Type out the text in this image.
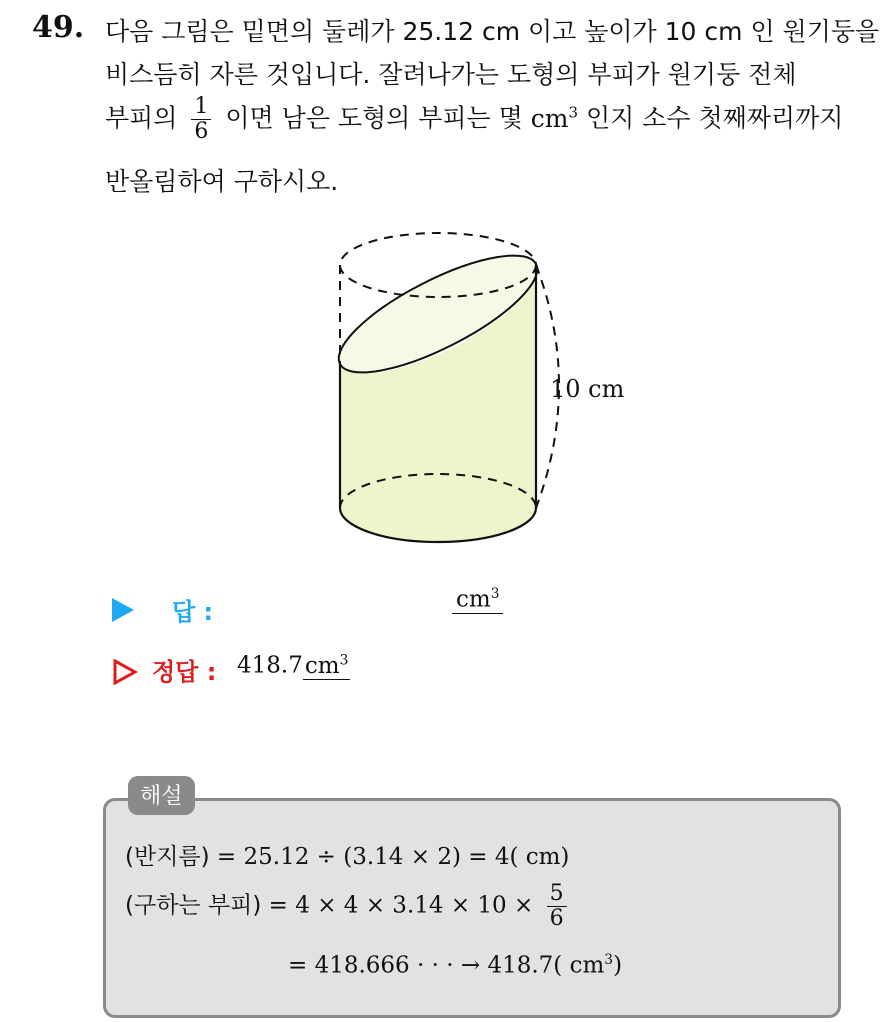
49. 다음 그림은 밑면의 둘레가 25.12 cm 이고 높이가 10 cm 인 원기둥을
비스듬히 자른 것입니다. 잘려나가는 도형의 부피가 원기둥 전체
부피의 $\frac{1}{6}$ 이면 남은 도형의 부피는 몇 $cm^3$ 인지 소수 첫째짜리까지
반올림하여 구하시오.
10 cm
답 :	$cm^3$
정답 : $418.7cm^3$
해설
(반지름) = 25.12 ÷ (3.14 × 2) = 4( cm)
(구하는 부피) = $4 \times 4 \times 3.14 \times 10 \times \frac{5}{6}$
= 418.666 · · · → 418.7( $cm^3$)
